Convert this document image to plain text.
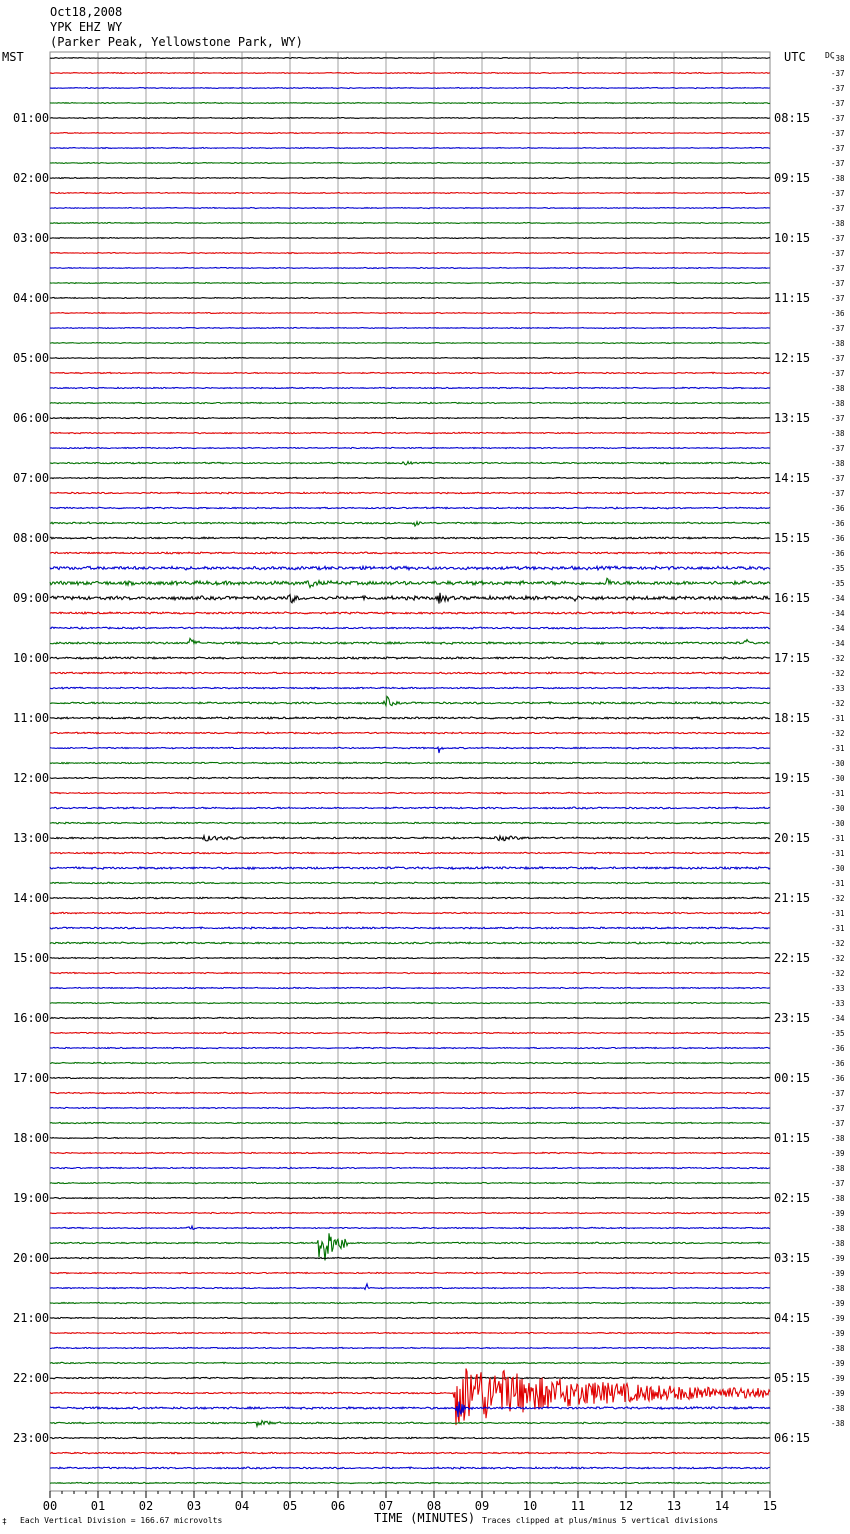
Oct18,2008
YPK EHZ WY
(Parker Peak, Yellowstone Park, WY)
MST	UTC DC
01:00
02:00
03:00
04:00
05:00
06:00
07:00
08:00
09:00
10:00
11:00
12:00
13:00
14:00
15:00
16:00
17:00
18:00
19:00
20:00
21:00
22:00
23:00
08:15
09:15
10:15
11:15
12:15
13:15
14:15
15:15
16:15
17:15
18:15
19:15
20:15
21:15
22:15
23:15
00:15
01:15
02:15
03:15
04:15
05:15
06:15
-38
-37
-37
-37
-37
-37
-37
-37
-38
-37
-37
-38
-37
-37
-37
-37
-37
-36
-37
-38
-37
-37
-38
-38
-37
-38
-37
-38
-37
-37
-36
-36
-36
-36
-35
-35
-34
-34
-34
-34
-32
-32
-33
-32
-31
-32
-31
-30
-30
-31
-30
-30
-31
-31
-30
-31
-32
-31
-31
-32
-32
-32
-33
-33
-34
-35
-36
-36
-36
-37
-37
-37
-38
-39
-38
-37
-38
-39
-38
-38
-39
-39
-38
-39
-39
-39
-38
-39
-39
-39
-38
-38
00	01	02	03	04	05	06	07	08	09	10	11	12	13	14	15
TIME (MINUTES)
‡ Each Vertical Division = 166.67 microvolts	Traces clipped at plus/minus 5 vertical divisions
